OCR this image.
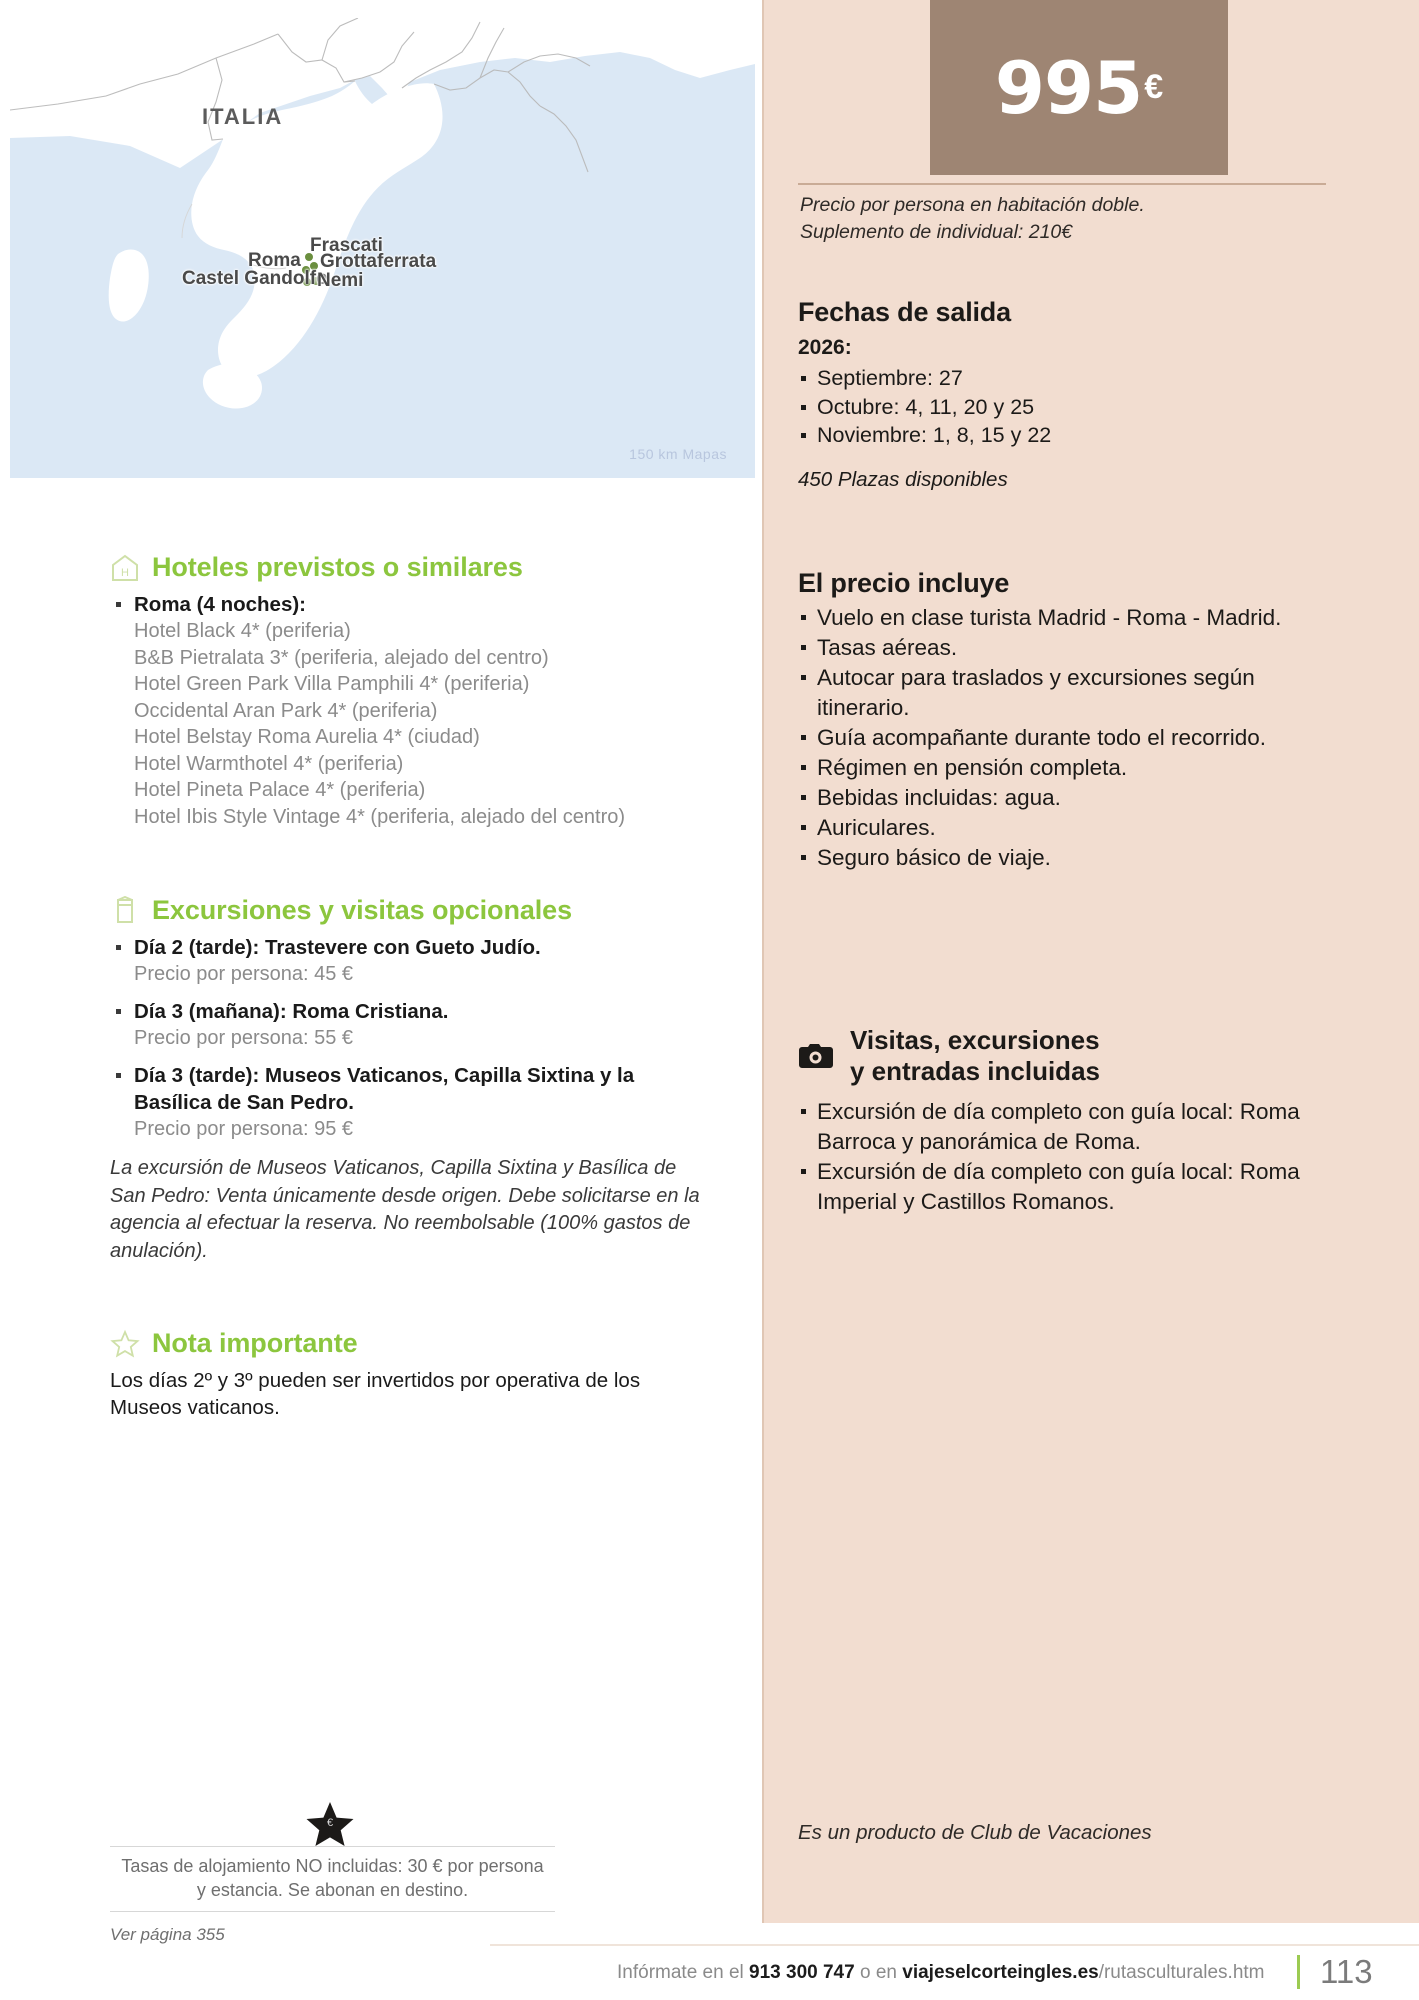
ITALIA
Frascati
Roma Grottaferrata
Castel Gandolfo
Nemi
150 km Mapas
995 €
Precio por persona en habitación doble.
Suplemento de individual: 210€
Fechas de salida
2026:
Septiembre: 27
Octubre: 4, 11, 20 y 25
Noviembre: 1, 8, 15 y 22
450 Plazas disponibles
El precio incluye
Vuelo en clase turista Madrid - Roma - Madrid.
Tasas aéreas.
Autocar para traslados y excursiones según itinerario.
Guía acompañante durante todo el recorrido.
Régimen en pensión completa.
Bebidas incluidas: agua.
Auriculares.
Seguro básico de viaje.
Visitas, excursiones
y entradas incluidas
Excursión de día completo con guía local: Roma Barroca y panorámica de Roma.
Excursión de día completo con guía local: Roma Imperial y Castillos Romanos.
Es un producto de Club de Vacaciones
H Hoteles previstos o similares
Roma (4 noches):
Hotel Black 4* (periferia)
B&B Pietralata 3* (periferia, alejado del centro)
Hotel Green Park Villa Pamphili 4* (periferia)
Occidental Aran Park 4* (periferia)
Hotel Belstay Roma Aurelia 4* (ciudad)
Hotel Warmthotel 4* (periferia)
Hotel Pineta Palace 4* (periferia)
Hotel Ibis Style Vintage 4* (periferia, alejado del centro)
Excursiones y visitas opcionales
Día 2 (tarde): Trastevere con Gueto Judío.
Precio por persona: 45 €
Día 3 (mañana): Roma Cristiana.
Precio por persona: 55 €
Día 3 (tarde): Museos Vaticanos, Capilla Sixtina y la Basílica de San Pedro.
Precio por persona: 95 €
La excursión de Museos Vaticanos, Capilla Sixtina y Basílica de San Pedro: Venta únicamente desde origen. Debe solicitarse en la agencia al efectuar la reserva. No reembolsable (100% gastos de anulación).
Nota importante
Los días 2º y 3º pueden ser invertidos por operativa de los Museos vaticanos.
€
Tasas de alojamiento NO incluidas: 30 € por persona
y estancia. Se abonan en destino.
Ver página 355
Infórmate en el 913 300 747 o en viajeselcorteingles.es/rutasculturales.htm 113
